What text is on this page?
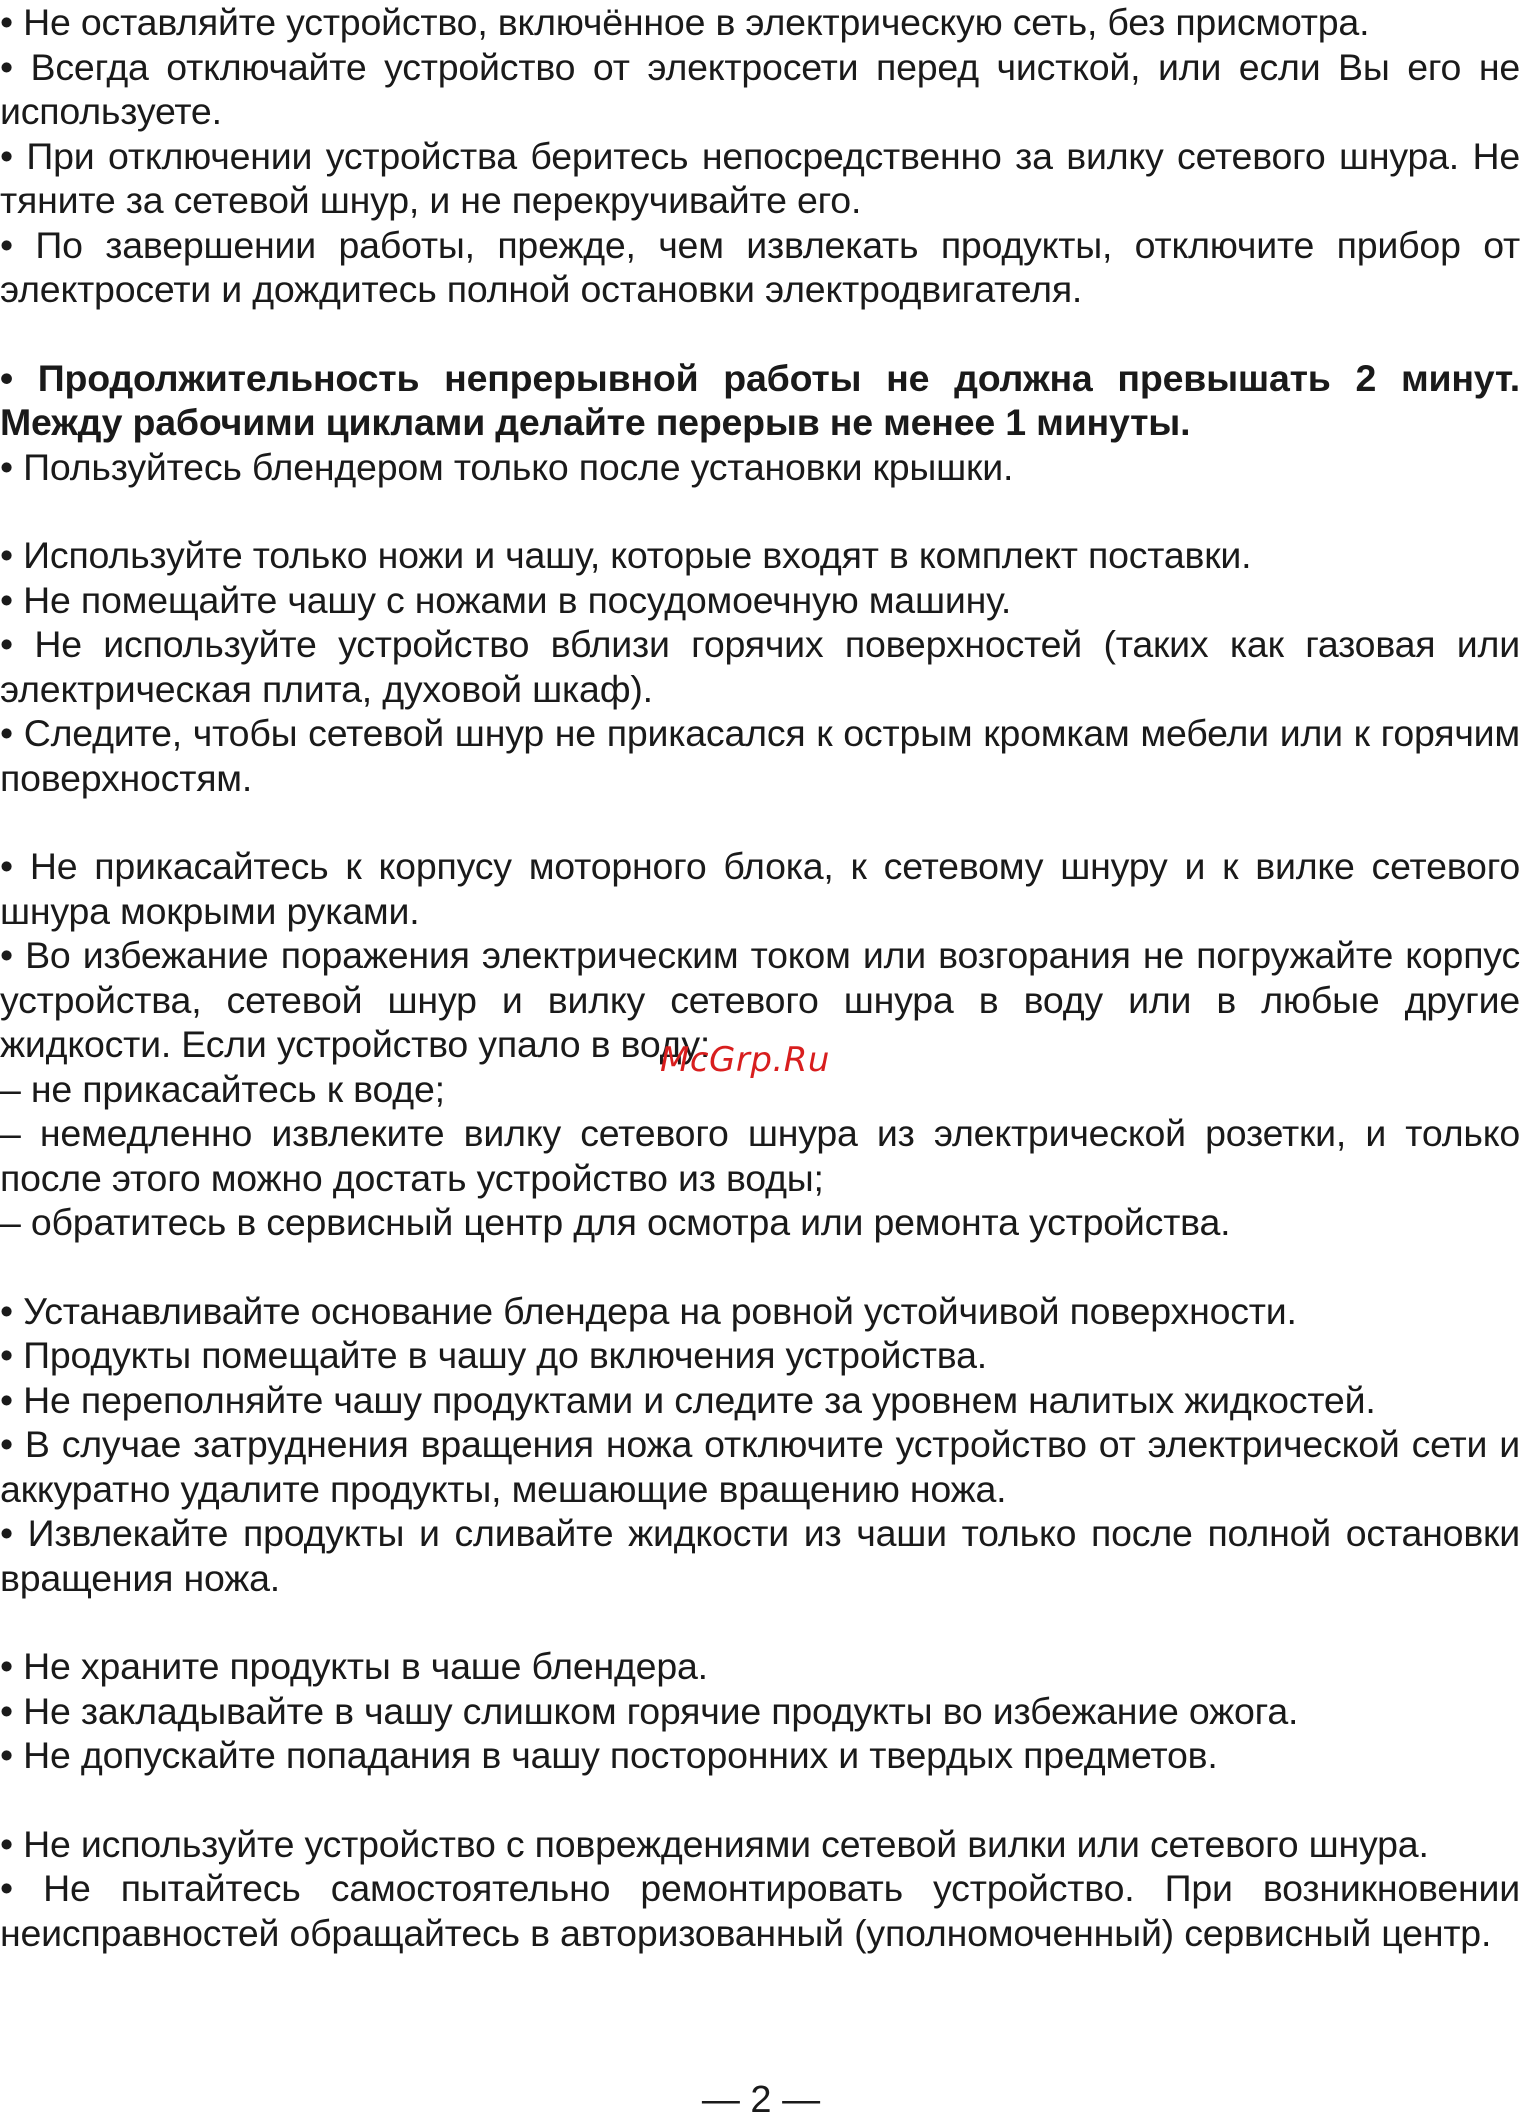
• Не оставляйте устройство, включённое в электрическую сеть, без присмотра.

• Всегда отключайте устройство от электросети перед чисткой, или если Вы его не используете.

• При отключении устройства беритесь непосредственно за вилку сетевого шнура. Не тяните за сетевой шнур, и не перекручивайте его.

• По завершении работы, прежде, чем извлекать продукты, отключите прибор от электросети и дождитесь полной остановки электродвигателя.

• Продолжительность непрерывной работы не должна превышать 2 минут. Между рабочими циклами делайте перерыв не менее 1 минуты.

• Пользуйтесь блендером только после установки крышки.

• Используйте только ножи и чашу, которые входят в комплект поставки.

• Не помещайте чашу с ножами в посудомоечную машину.

• Не используйте устройство вблизи горячих поверхностей (таких как газовая или электрическая плита, духовой шкаф).

• Следите, чтобы сетевой шнур не прикасался к острым кромкам мебели или к горячим поверхностям.

• Не прикасайтесь к корпусу моторного блока, к сетевому шнуру и к вилке сетевого шнура мокрыми руками.

• Во избежание поражения электрическим током или возгорания не погружайте корпус устройства, сетевой шнур и вилку сетевого шнура в воду или в любые другие жидкости. Если устройство упало в воду:

– не прикасайтесь к воде;

– немедленно извлеките вилку сетевого шнура из электрической розетки, и только после этого можно достать устройство из воды;

– обратитесь в сервисный центр для осмотра или ремонта устройства.

• Устанавливайте основание блендера на ровной устойчивой поверхности.

• Продукты помещайте в чашу до включения устройства.

• Не переполняйте чашу продуктами и следите за уровнем налитых жидкостей.

• В случае затруднения вращения ножа отключите устройство от электрической сети и аккуратно удалите продукты, мешающие вращению ножа.

• Извлекайте продукты и сливайте жидкости из чаши только после полной остановки вращения ножа.

• Не храните продукты в чаше блендера.

• Не закладывайте в чашу слишком горячие продукты во избежание ожога.

• Не допускайте попадания в чашу посторонних и твердых предметов.

• Не используйте устройство с повреждениями сетевой вилки или сетевого шнура.

• Не пытайтесь самостоятельно ремонтировать устройство. При возникновении неисправностей обращайтесь в авторизованный (уполномоченный) сервисный центр.

McGrp.Ru
— 2 —
